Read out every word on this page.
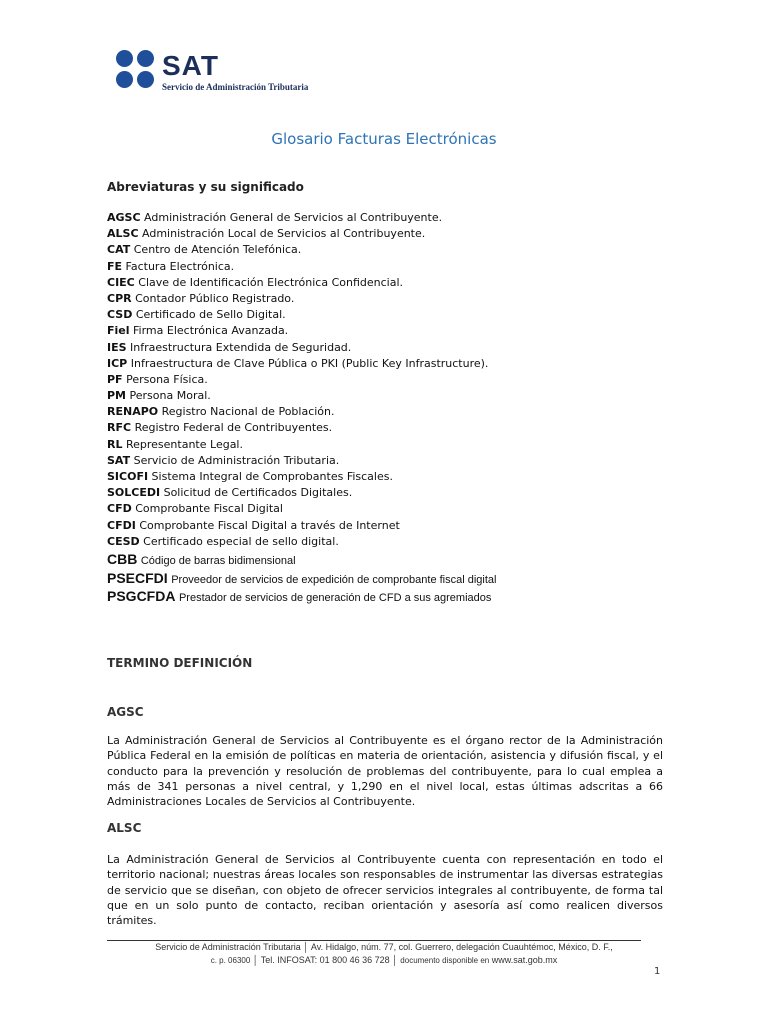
SAT
Servicio de Administración Tributaria
Glosario Facturas Electrónicas
Abreviaturas y su significado
AGSC Administración General de Servicios al Contribuyente.
ALSC Administración Local de Servicios al Contribuyente.
CAT Centro de Atención Telefónica.
FE Factura Electrónica.
CIEC Clave de Identificación Electrónica Confidencial.
CPR Contador Público Registrado.
CSD Certificado de Sello Digital.
Fiel Firma Electrónica Avanzada.
IES Infraestructura Extendida de Seguridad.
ICP Infraestructura de Clave Pública o PKI (Public Key Infrastructure).
PF Persona Física.
PM Persona Moral.
RENAPO Registro Nacional de Población.
RFC Registro Federal de Contribuyentes.
RL Representante Legal.
SAT Servicio de Administración Tributaria.
SICOFI Sistema Integral de Comprobantes Fiscales.
SOLCEDI Solicitud de Certificados Digitales.
CFD Comprobante Fiscal Digital
CFDI Comprobante Fiscal Digital a través de Internet
CESD Certificado especial de sello digital.
CBB Código de barras bidimensional
PSECFDI Proveedor de servicios de expedición de comprobante fiscal digital
PSGCFDA Prestador de servicios de generación de CFD a sus agremiados
TERMINO DEFINICIÓN
AGSC
La Administración General de Servicios al Contribuyente es el órgano rector de la Administración Pública Federal en la emisión de políticas en materia de orientación, asistencia y difusión fiscal, y el conducto para la prevención y resolución de problemas del contribuyente, para lo cual emplea a más de 341 personas a nivel central, y 1,290 en el nivel local, estas últimas adscritas a 66 Administraciones Locales de Servicios al Contribuyente.
ALSC
La Administración General de Servicios al Contribuyente cuenta con representación en todo el territorio nacional; nuestras áreas locales son responsables de instrumentar las diversas estrategias de servicio que se diseñan, con objeto de ofrecer servicios integrales al contribuyente, de forma tal que en un solo punto de contacto, reciban orientación y asesoría así como realicen diversos trámites.
Servicio de Administración Tributaria │ Av. Hidalgo, núm. 77, col. Guerrero, delegación Cuauhtémoc, México, D. F.,
c. p. 06300 │ Tel. INFOSAT: 01 800 46 36 728 │ documento disponible en www.sat.gob.mx
1
